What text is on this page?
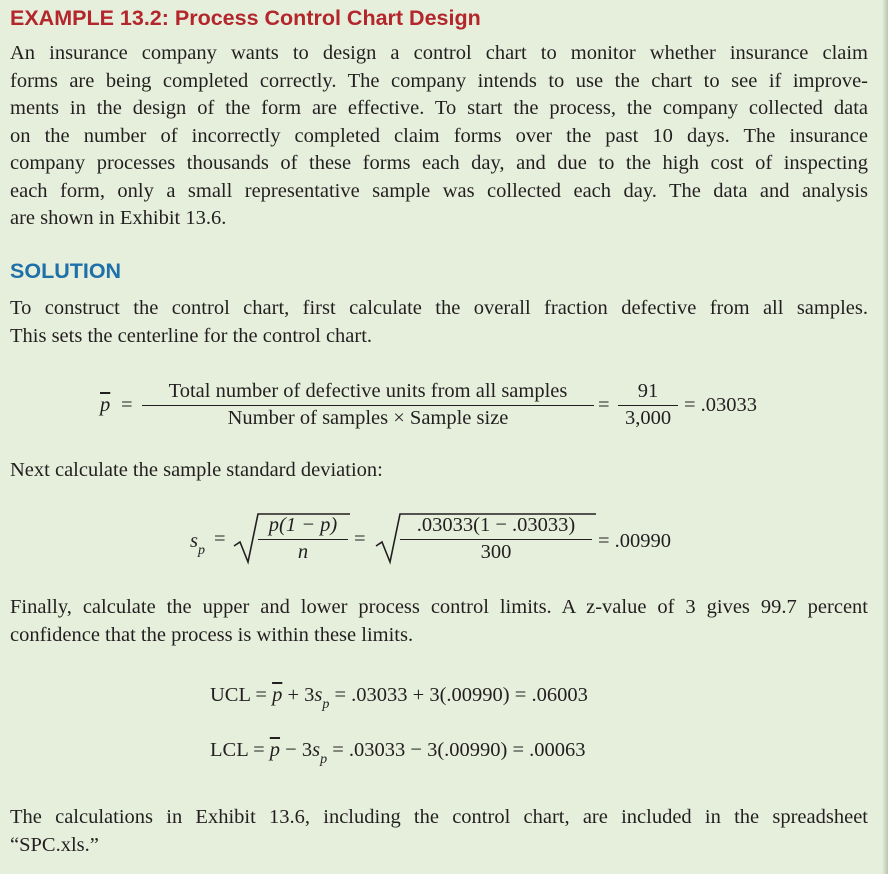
EXAMPLE 13.2: Process Control Chart Design
An insurance company wants to design a control chart to monitor whether insurance claim
forms are being completed correctly. The company intends to use the chart to see if improve-
ments in the design of the form are effective. To start the process, the company collected data
on the number of incorrectly completed claim forms over the past 10 days. The insurance
company processes thousands of these forms each day, and due to the high cost of inspecting
each form, only a small representative sample was collected each day. The data and analysis
are shown in Exhibit 13.6.
SOLUTION
To construct the control chart, first calculate the overall fraction defective from all samples.
This sets the centerline for the control chart.
$\overline{p}$ =
Total number of defective units from all samples
Number of samples × Sample size
= $\frac{91}{3,000} = .03033$
Next calculate the sample standard deviation:
$s_p$
= $\frac{p(1 - p)}{n} = \frac{.03033(1 - .03033)}{300} = .00990$
Finally, calculate the upper and lower process control limits. A z-value of 3 gives 99.7 percent
confidence that the process is within these limits.
UCL = $\overline{p} + 3s_p = .03033 + 3(.00990) = .06003$
LCL = $\overline{p} - 3s_p = .03033 - 3(.00990) = .00063$
The calculations in Exhibit 13.6, including the control chart, are included in the spreadsheet
“SPC.xls.”
